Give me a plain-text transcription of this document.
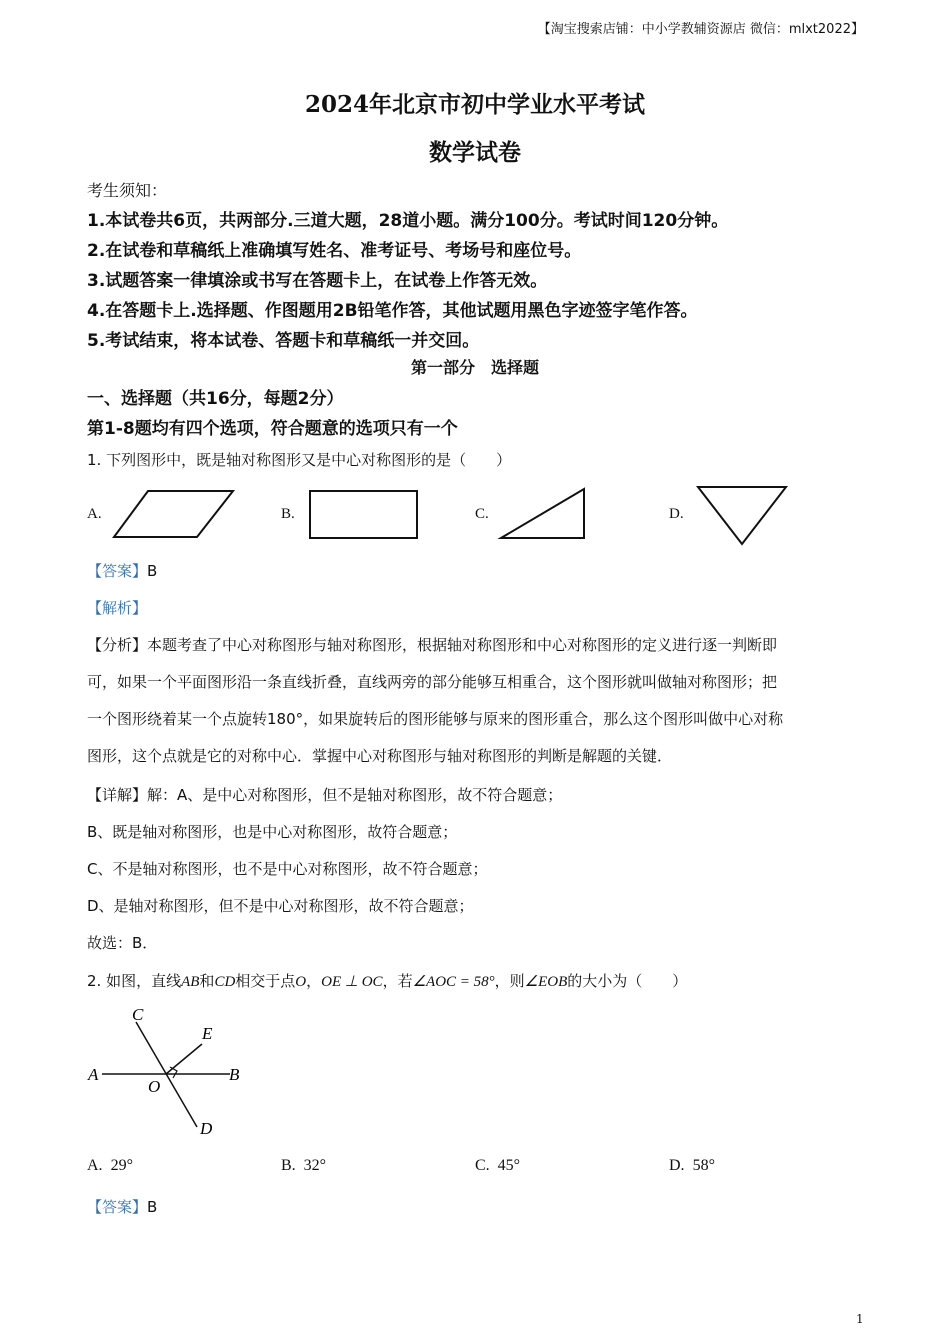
【淘宝搜索店铺：中小学教辅资源店 微信：mlxt2022】
2024年北京市初中学业水平考试
数学试卷
考生须知：
1.本试卷共6页，共两部分.三道大题，28道小题。满分100分。考试时间120分钟。
2.在试卷和草稿纸上准确填写姓名、准考证号、考场号和座位号。
3.试题答案一律填涂或书写在答题卡上，在试卷上作答无效。
4.在答题卡上.选择题、作图题用2B铅笔作答，其他试题用黑色字迹签字笔作答。
5.考试结束，将本试卷、答题卡和草稿纸一并交回。
第一部分　选择题
一、选择题（共16分，每题2分）
第1-8题均有四个选项，符合题意的选项只有一个
1. 下列图形中，既是轴对称图形又是中心对称图形的是（　　）
A.	B.	C.	D.
【答案】B
【解析】
【分析】本题考查了中心对称图形与轴对称图形，根据轴对称图形和中心对称图形的定义进行逐一判断即
可，如果一个平面图形沿一条直线折叠，直线两旁的部分能够互相重合，这个图形就叫做轴对称图形；把
一个图形绕着某一个点旋转180°，如果旋转后的图形能够与原来的图形重合，那么这个图形叫做中心对称
图形，这个点就是它的对称中心．掌握中心对称图形与轴对称图形的判断是解题的关键．
【详解】解：A、是中心对称图形，但不是轴对称图形，故不符合题意；
B、既是轴对称图形，也是中心对称图形，故符合题意；
C、不是轴对称图形，也不是中心对称图形，故不符合题意；
D、是轴对称图形，但不是中心对称图形，故不符合题意；
故选：B．
2. 如图，直线AB和CD相交于点O，OE ⊥ OC，若∠AOC = 58°，则∠EOB的大小为（　　）
C
E
A
O
B
D
A. 29°	B. 32°	C. 45°	D. 58°
【答案】B
1
